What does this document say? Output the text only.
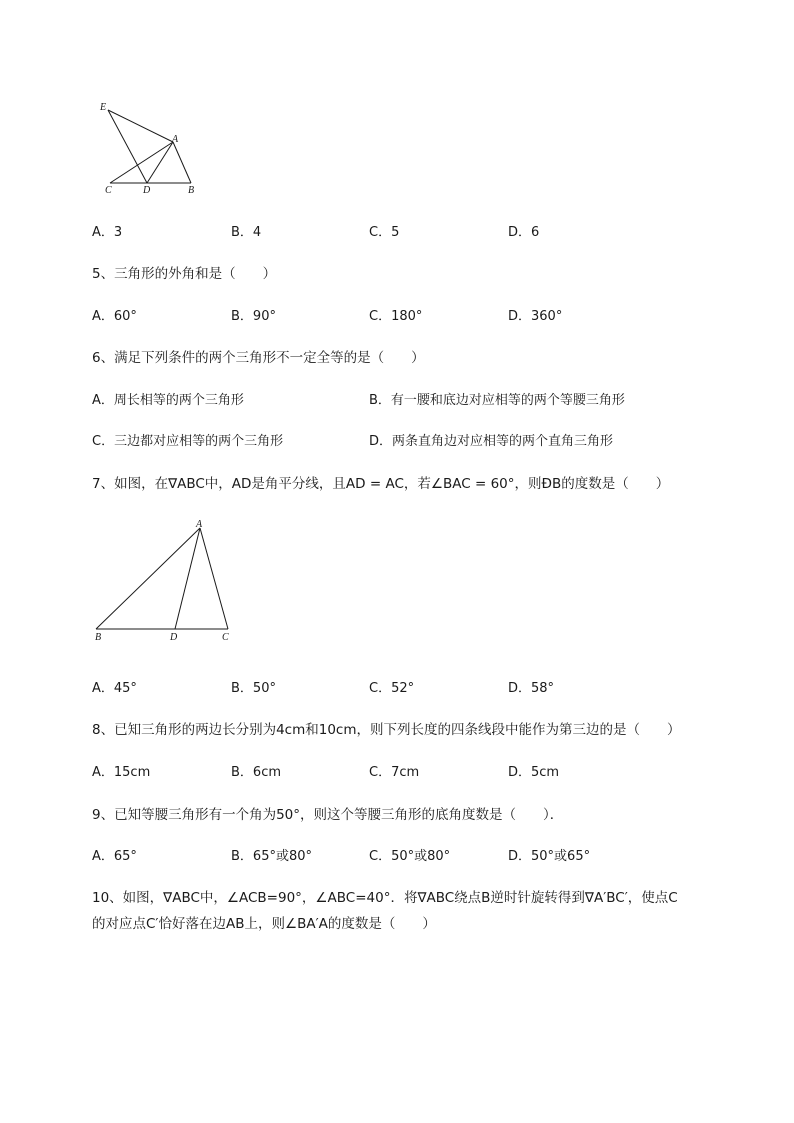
E
A
C	D	B
A．3	B．4	C．5	D．6
5、三角形的外角和是（　　）
A．60°	B．90°	C．180°	D．360°
6、满足下列条件的两个三角形不一定全等的是（　　）
A．周长相等的两个三角形	B．有一腰和底边对应相等的两个等腰三角形
C．三边都对应相等的两个三角形	D．两条直角边对应相等的两个直角三角形
7、如图，在∇ABC中，AD是角平分线，且AD = AC，若∠BAC = 60°，则ÐB的度数是（　　）
A
B	D	C
A．45°	B．50°	C．52°	D．58°
8、已知三角形的两边长分别为4cm和10cm，则下列长度的四条线段中能作为第三边的是（　　）
A．15cm	B．6cm	C．7cm	D．5cm
9、已知等腰三角形有一个角为50°，则这个等腰三角形的底角度数是（　　）．
A．65°	B．65°或80°	C．50°或80°	D．50°或65°
10、如图，∇ABC中，∠ACB=90°，∠ABC=40°．将∇ABC绕点B逆时针旋转得到∇A′BC′，使点C
的对应点C′恰好落在边AB上，则∠BA′A的度数是（　　）
